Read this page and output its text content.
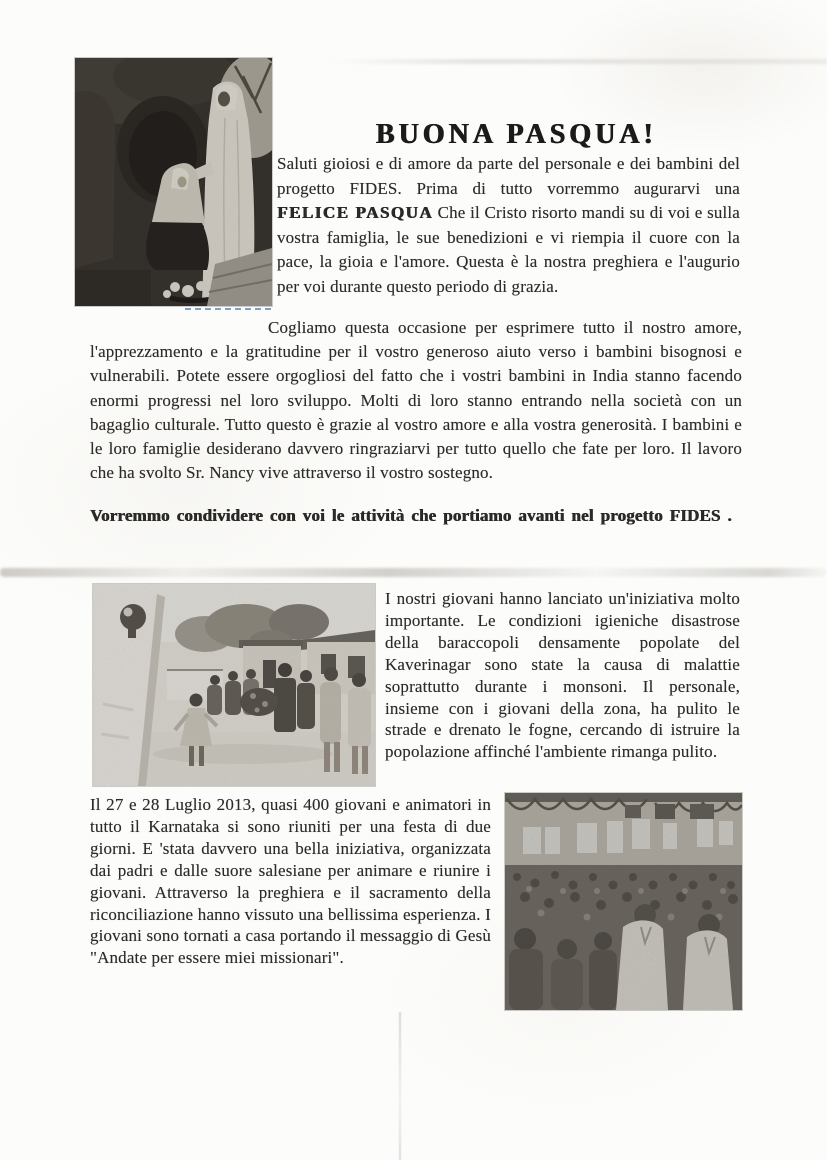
BUONA PASQUA!

Saluti gioiosi e di amore da parte del personale e dei bambini del progetto FIDES. Prima di tutto vorremmo augurarvi una FELICE PASQUA Che il Cristo risorto mandi su di voi e sulla vostra famiglia, le sue benedizioni e vi riempia il cuore con la pace, la gioia e l'amore. Questa è la nostra preghiera e l'augurio per voi durante questo periodo di grazia.

Cogliamo questa occasione per esprimere tutto il nostro amore, l'apprezzamento e la gratitudine per il vostro generoso aiuto verso i bambini bisognosi e vulnerabili. Potete essere orgogliosi del fatto che i vostri bambini in India stanno facendo enormi progressi nel loro sviluppo. Molti di loro stanno entrando nella società con un bagaglio culturale. Tutto questo è grazie al vostro amore e alla vostra generosità. I bambini e le loro famiglie desiderano davvero ringraziarvi per tutto quello che fate per loro. Il lavoro che ha svolto Sr. Nancy vive attraverso il vostro sostegno.

Vorremmo condividere con voi le attività che portiamo avanti nel progetto FIDES .

I nostri giovani hanno lanciato un'iniziativa molto importante. Le condizioni igieniche disastrose della baraccopoli densamente popolate del Kaverinagar sono state la causa di malattie soprattutto durante i monsoni. Il personale, insieme con i giovani della zona, ha pulito le strade e drenato le fogne, cercando di istruire la popolazione affinché l'ambiente rimanga pulito.

Il 27 e 28 Luglio 2013, quasi 400 giovani e animatori in tutto il Karnataka si sono riuniti per una festa di due giorni. E 'stata davvero una bella iniziativa, organizzata dai padri e dalle suore salesiane per animare e riunire i giovani. Attraverso la preghiera e il sacramento della riconciliazione hanno vissuto una bellissima esperienza. I giovani sono tornati a casa portando il messaggio di Gesù "Andate per essere miei missionari".
